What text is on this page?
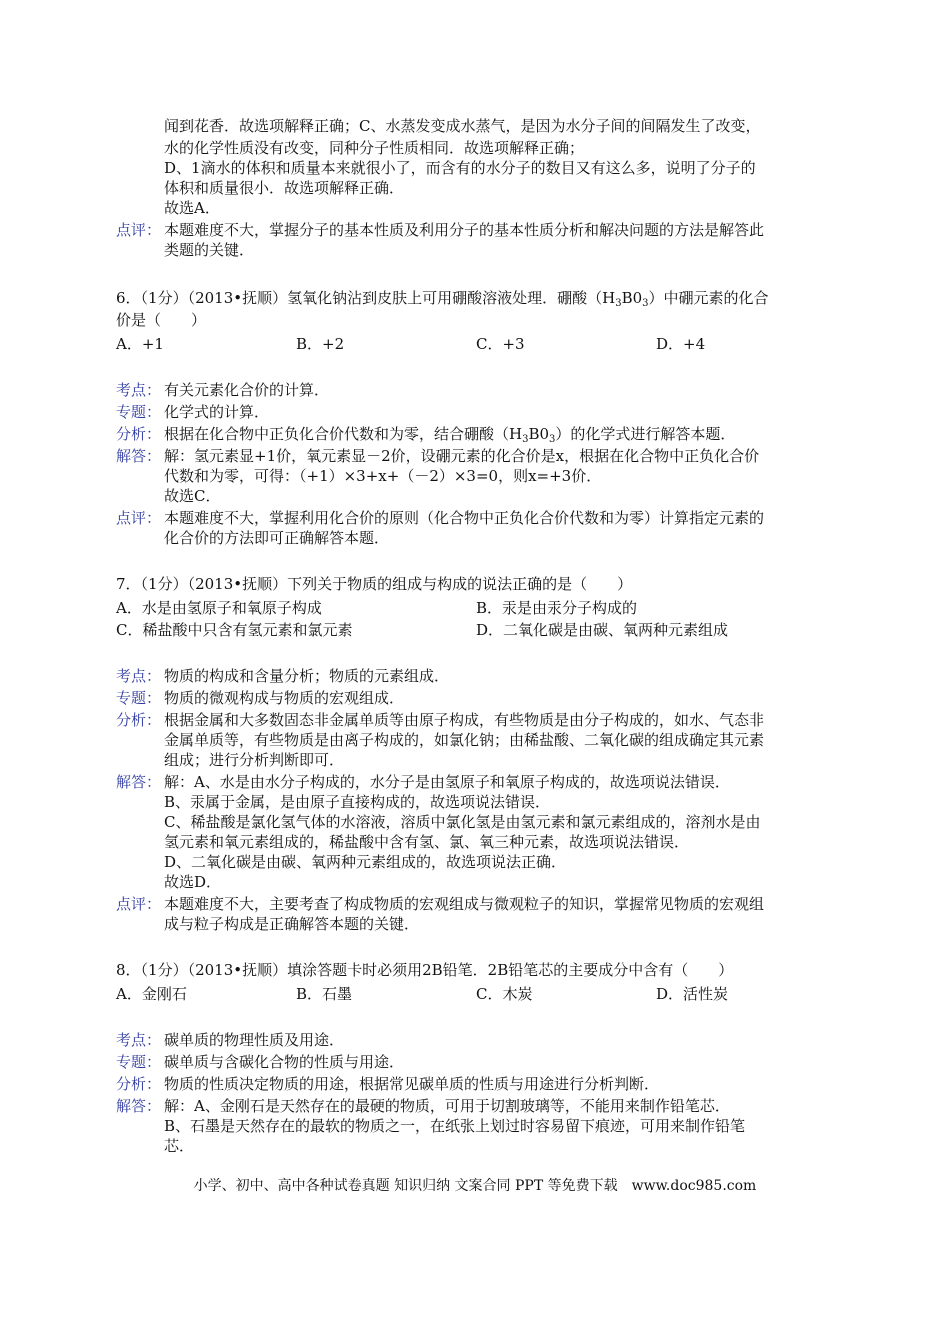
闻到花香．故选项解释正确；C、水蒸发变成水蒸气，是因为水分子间的间隔发生了改变，
水的化学性质没有改变，同种分子性质相同．故选项解释正确；
D、1滴水的体积和质量本来就很小了，而含有的水分子的数目又有这么多，说明了分子的
体积和质量很小．故选项解释正确．
故选A．
点评： 本题难度不大，掌握分子的基本性质及利用分子的基本性质分析和解决问题的方法是解答此
类题的关键．
6．（1分）（2013•抚顺）氢氧化钠沾到皮肤上可用硼酸溶液处理．硼酸$(H_3B0_3)$中硼元素的化合
价是（　　）
A．+1	B．+2	C．+3	D．+4
考点： 有关元素化合价的计算．
专题： 化学式的计算．
分析： 根据在化合物中正负化合价代数和为零，结合硼酸$(H_3B0_3)$的化学式进行解答本题．
解答： 解：氢元素显+1价，氧元素显－2价，设硼元素的化合价是x，根据在化合物中正负化合价
代数和为零，可得：（+1）×3+x+（－2）×3=0，则x=+3价．
故选C．
点评： 本题难度不大，掌握利用化合价的原则（化合物中正负化合价代数和为零）计算指定元素的
化合价的方法即可正确解答本题．
7．（1分）（2013•抚顺）下列关于物质的组成与构成的说法正确的是（　　）
A．水是由氢原子和氧原子构成	B．汞是由汞分子构成的
C．稀盐酸中只含有氢元素和氯元素	D．二氧化碳是由碳、氧两种元素组成
考点： 物质的构成和含量分析；物质的元素组成．
专题： 物质的微观构成与物质的宏观组成．
分析： 根据金属和大多数固态非金属单质等由原子构成，有些物质是由分子构成的，如水、气态非
金属单质等，有些物质是由离子构成的，如氯化钠；由稀盐酸、二氧化碳的组成确定其元素
组成；进行分析判断即可．
解答： 解：A、水是由水分子构成的，水分子是由氢原子和氧原子构成的，故选项说法错误．
B、汞属于金属，是由原子直接构成的，故选项说法错误．
C、稀盐酸是氯化氢气体的水溶液，溶质中氯化氢是由氢元素和氯元素组成的，溶剂水是由
氢元素和氧元素组成的，稀盐酸中含有氢、氯、氧三种元素，故选项说法错误．
D、二氧化碳是由碳、氧两种元素组成的，故选项说法正确．
故选D．
点评： 本题难度不大，主要考查了构成物质的宏观组成与微观粒子的知识，掌握常见物质的宏观组
成与粒子构成是正确解答本题的关键．
8．（1分）（2013•抚顺）填涂答题卡时必须用2B铅笔．2B铅笔芯的主要成分中含有（　　）
A．金刚石	B．石墨	C．木炭	D．活性炭
考点： 碳单质的物理性质及用途．
专题： 碳单质与含碳化合物的性质与用途．
分析： 物质的性质决定物质的用途，根据常见碳单质的性质与用途进行分析判断．
解答： 解：A、金刚石是天然存在的最硬的物质，可用于切割玻璃等，不能用来制作铅笔芯．
B、石墨是天然存在的最软的物质之一，在纸张上划过时容易留下痕迹，可用来制作铅笔
芯．
小学、初中、高中各种试卷真题 知识归纳 文案合同 PPT 等免费下载　www.doc985.com
